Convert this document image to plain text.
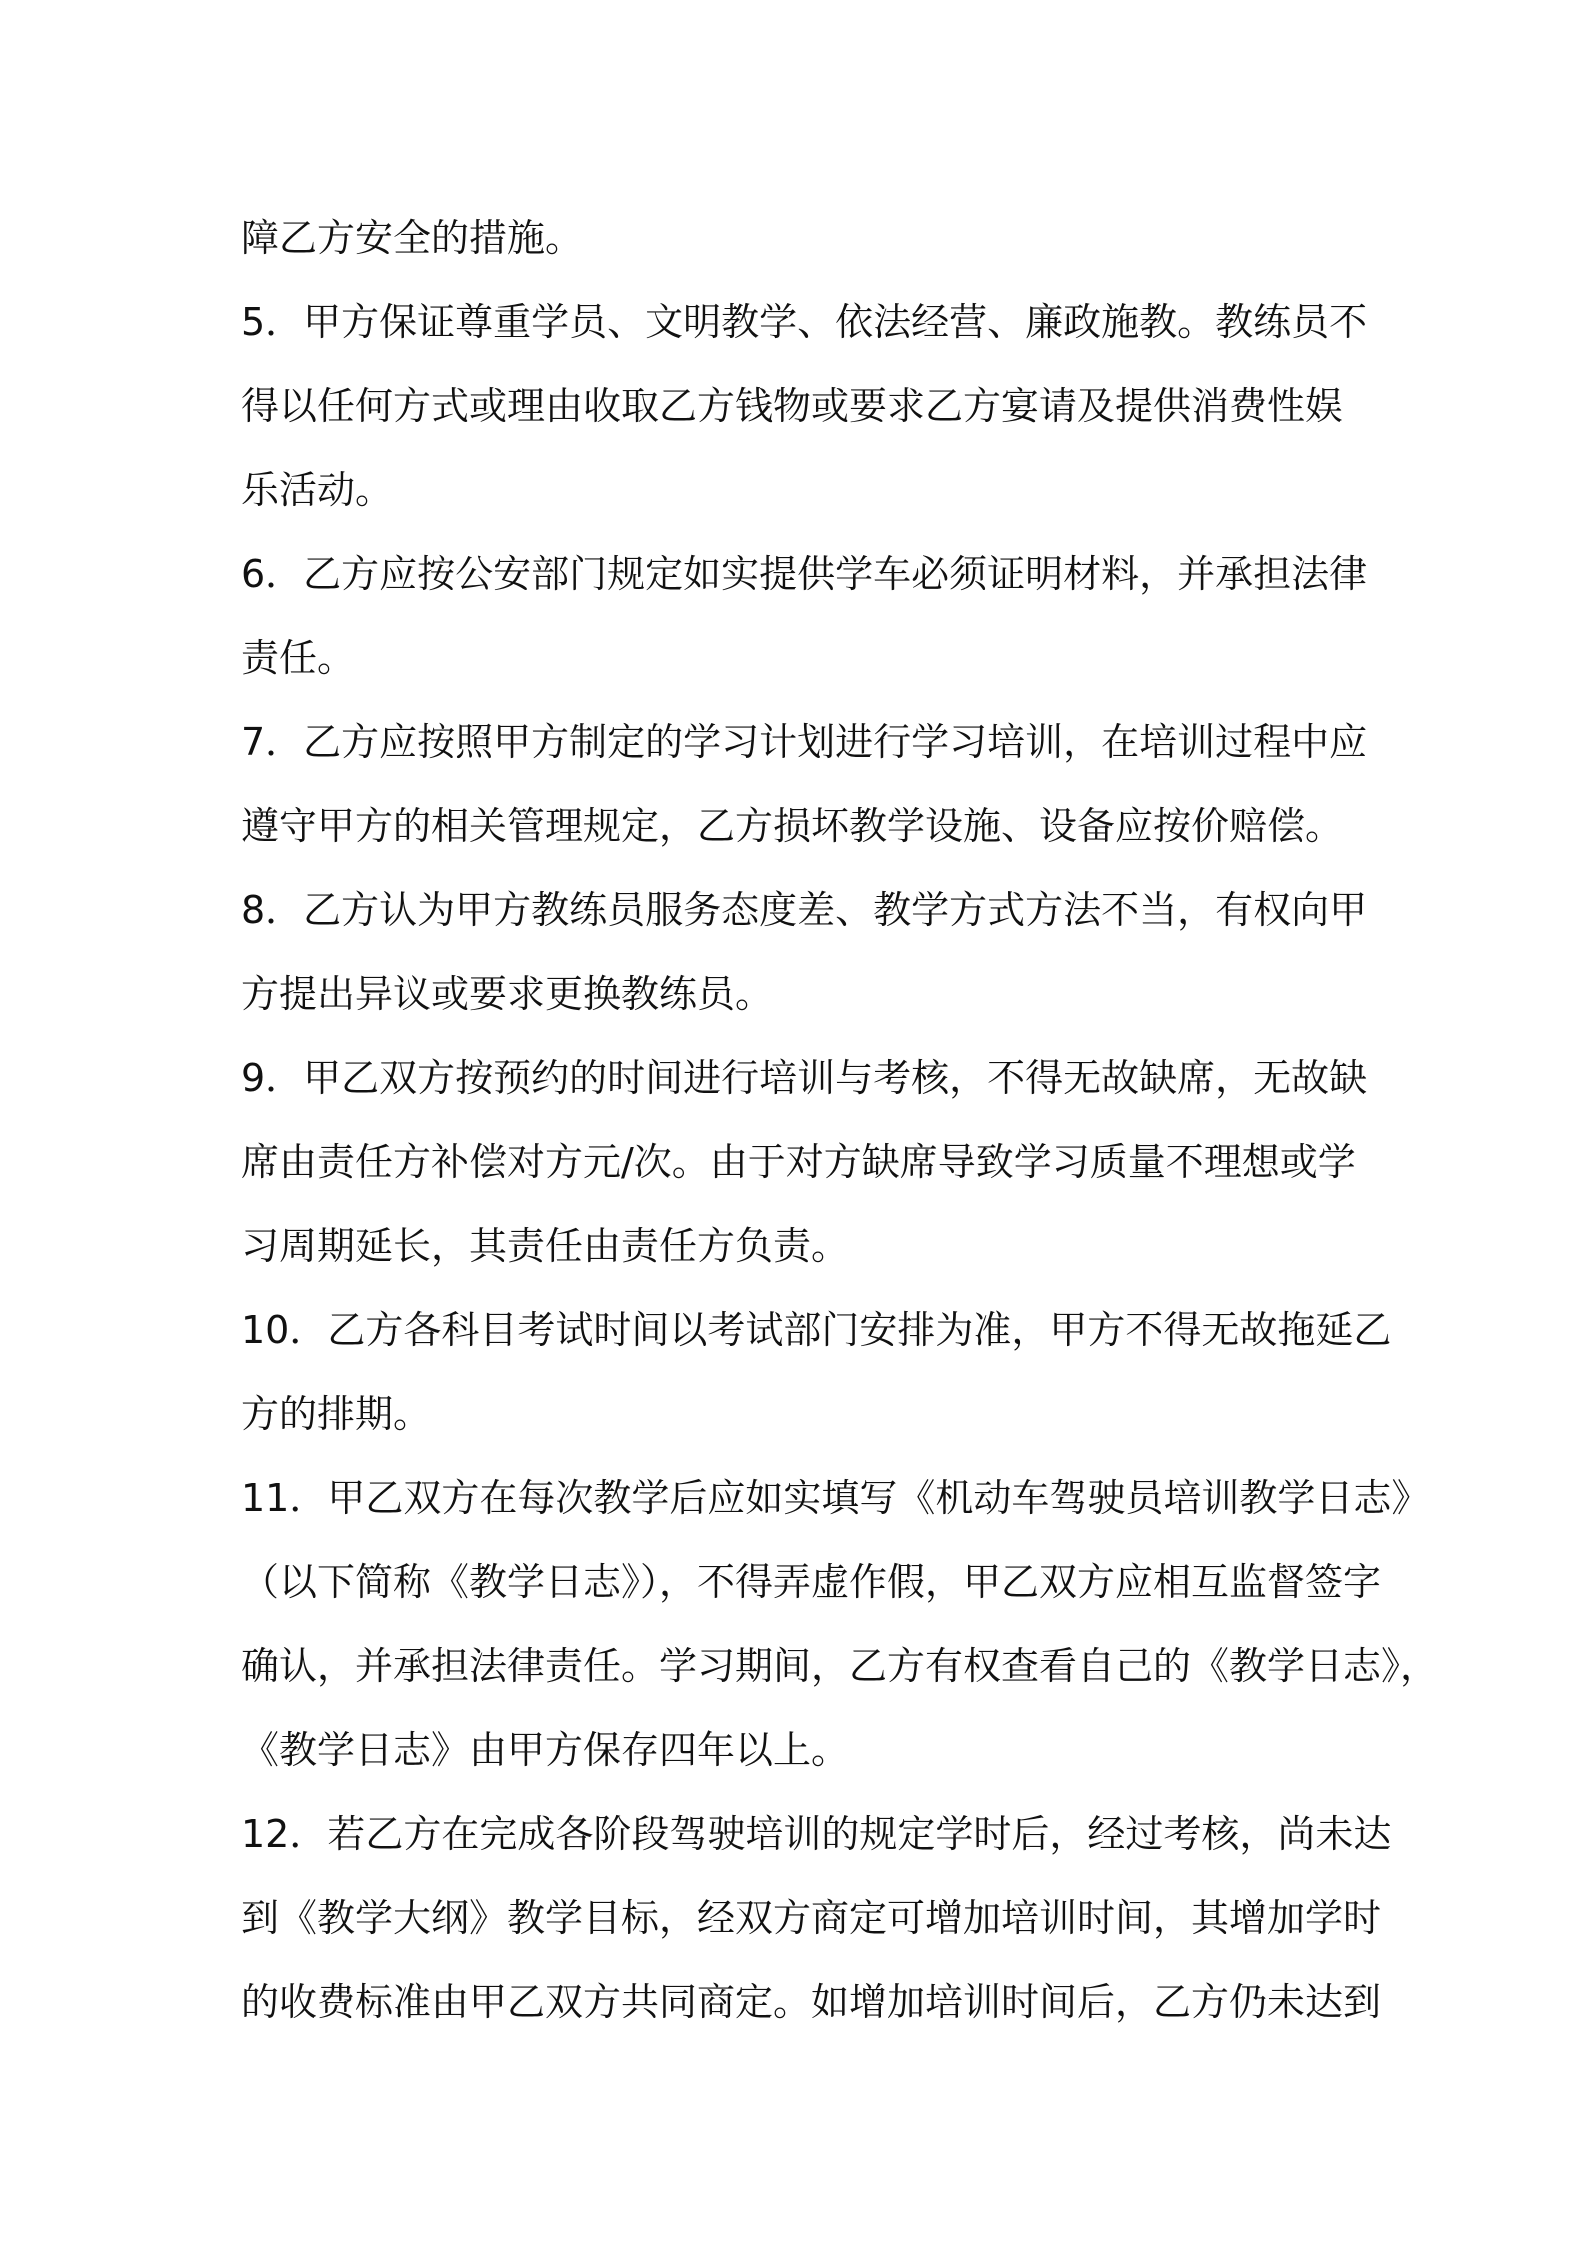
障乙方安全的措施。
5．甲方保证尊重学员、文明教学、依法经营、廉政施教。教练员不
得以任何方式或理由收取乙方钱物或要求乙方宴请及提供消费性娱
乐活动。
6．乙方应按公安部门规定如实提供学车必须证明材料，并承担法律
责任。
7．乙方应按照甲方制定的学习计划进行学习培训，在培训过程中应
遵守甲方的相关管理规定，乙方损坏教学设施、设备应按价赔偿。
8．乙方认为甲方教练员服务态度差、教学方式方法不当，有权向甲
方提出异议或要求更换教练员。
9．甲乙双方按预约的时间进行培训与考核，不得无故缺席，无故缺
席由责任方补偿对方元/次。由于对方缺席导致学习质量不理想或学
习周期延长，其责任由责任方负责。
10．乙方各科目考试时间以考试部门安排为准，甲方不得无故拖延乙
方的排期。
11．甲乙双方在每次教学后应如实填写《机动车驾驶员培训教学日志》
（以下简称《教学日志》），不得弄虚作假，甲乙双方应相互监督签字
确认，并承担法律责任。学习期间，乙方有权查看自己的《教学日志》，
《教学日志》由甲方保存四年以上。
12．若乙方在完成各阶段驾驶培训的规定学时后，经过考核，尚未达
到《教学大纲》教学目标，经双方商定可增加培训时间，其增加学时
的收费标准由甲乙双方共同商定。如增加培训时间后，乙方仍未达到
